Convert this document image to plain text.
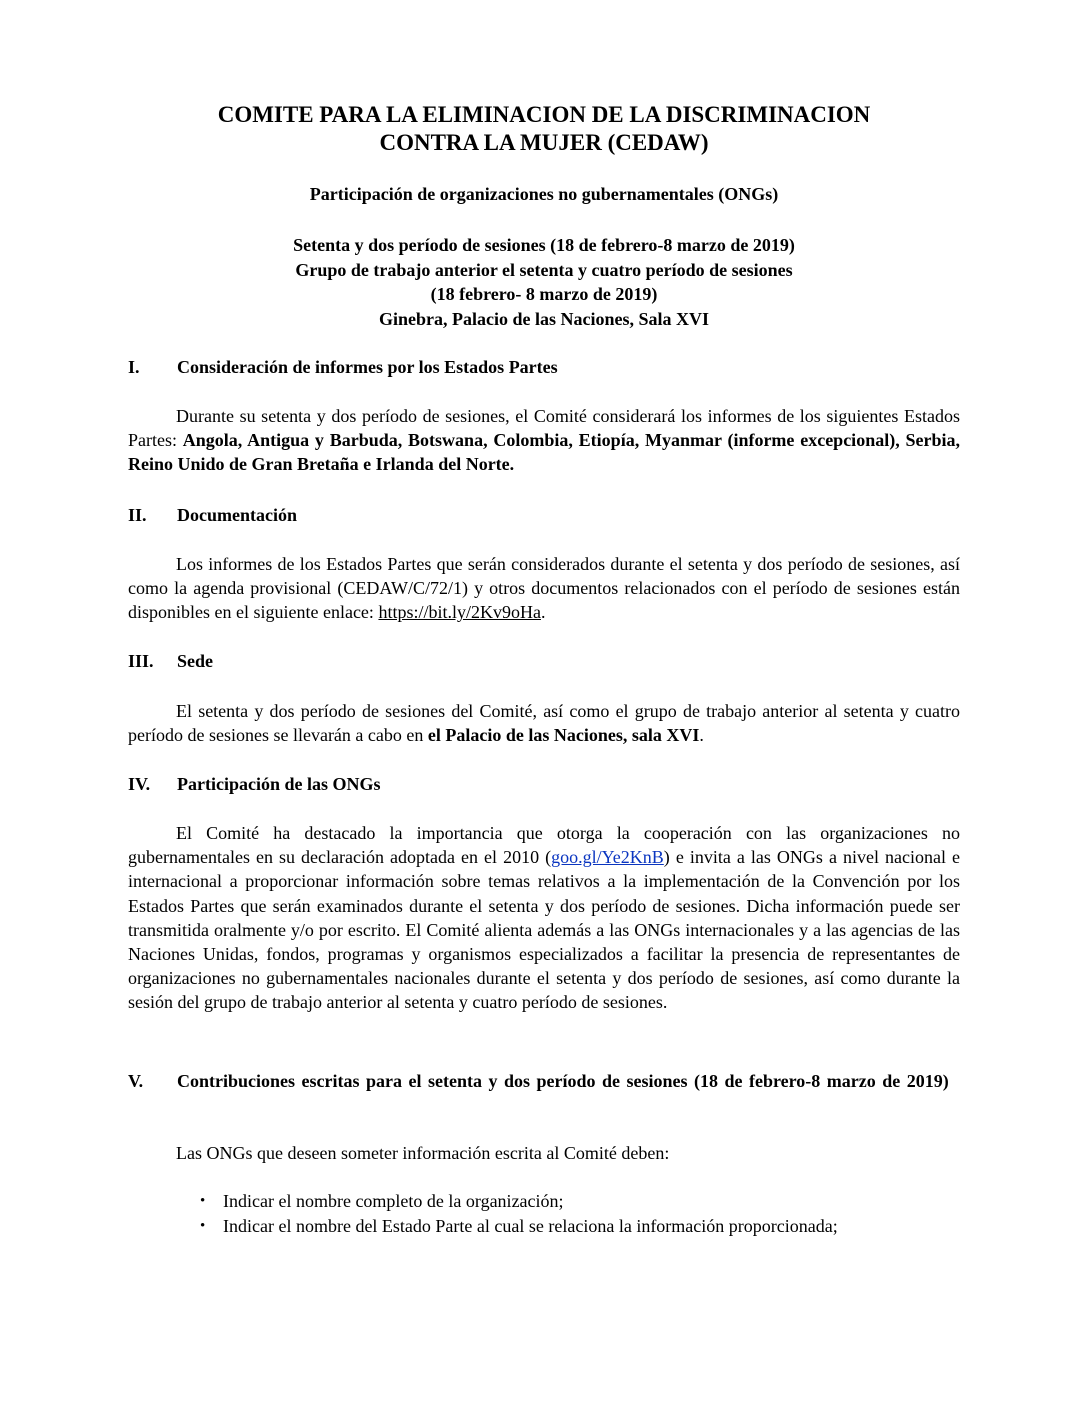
COMITE PARA LA ELIMINACION DE LA DISCRIMINACION
CONTRA LA MUJER (CEDAW)
Participación de organizaciones no gubernamentales (ONGs)
Setenta y dos período de sesiones (18 de febrero-8 marzo de 2019)
Grupo de trabajo anterior el setenta y cuatro período de sesiones
(18 febrero- 8 marzo de 2019)
Ginebra, Palacio de las Naciones, Sala XVI
I. Consideración de informes por los Estados Partes
Durante su setenta y dos período de sesiones, el Comité considerará los informes de los siguientes Estados Partes: Angola, Antigua y Barbuda, Botswana, Colombia, Etiopía, Myanmar (informe excepcional), Serbia, Reino Unido de Gran Bretaña e Irlanda del Norte.
II. Documentación
Los informes de los Estados Partes que serán considerados durante el setenta y dos período de sesiones, así como la agenda provisional (CEDAW/C/72/1) y otros documentos relacionados con el período de sesiones están disponibles en el siguiente enlace: https://bit.ly/2Kv9oHa.
III. Sede
El setenta y dos período de sesiones del Comité, así como el grupo de trabajo anterior al setenta y cuatro período de sesiones se llevarán a cabo en el Palacio de las Naciones, sala XVI.
IV. Participación de las ONGs
El Comité ha destacado la importancia que otorga la cooperación con las organizaciones no gubernamentales en su declaración adoptada en el 2010 (goo.gl/Ye2KnB) e invita a las ONGs a nivel nacional e internacional a proporcionar información sobre temas relativos a la implementación de la Convención por los Estados Partes que serán examinados durante el setenta y dos período de sesiones. Dicha información puede ser transmitida oralmente y/o por escrito. El Comité alienta además a las ONGs internacionales y a las agencias de las Naciones Unidas, fondos, programas y organismos especializados a facilitar la presencia de representantes de organizaciones no gubernamentales nacionales durante el setenta y dos período de sesiones, así como durante la sesión del grupo de trabajo anterior al setenta y cuatro período de sesiones.
V. Contribuciones escritas para el setenta y dos período de sesiones (18 de febrero-8 marzo de 2019)
Las ONGs que deseen someter información escrita al Comité deben:
• Indicar el nombre completo de la organización;
• Indicar el nombre del Estado Parte al cual se relaciona la información proporcionada;
